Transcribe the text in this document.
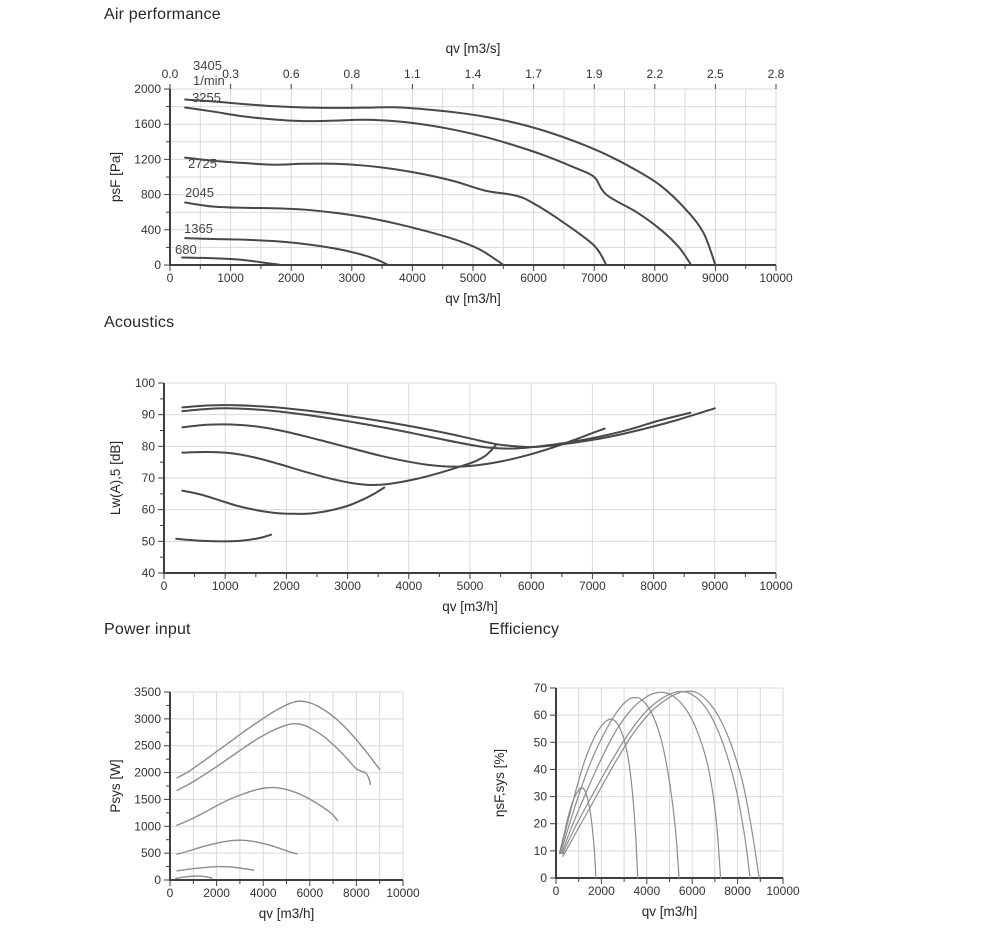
Air performance
0	1000	2000	3000	4000	5000	6000	7000	8000	9000	10000
0
400
800
1200
1600
2000
0.0	0.3	0.6	0.8	1.1	1.4	1.7	1.9	2.2	2.5	2.8
qv [m3/s]
qv [m3/h]
psF [Pa]
3405
1/min
3255
2725
2045
1365
680
Acoustics
0	1000	2000	3000	4000	5000	6000	7000	8000	9000	10000
40
50
60
70
80
90
100
qv [m3/h]
Lw(A),5 [dB]
Power input
0 2000 4000 6000 8000 10000
0
500
1000
1500
2000
2500
3000
3500
qv [m3/h]
Psys [W]
Efficiency
0 2000 4000 6000 8000 10000
0
10
20
30
40
50
60
70
qv [m3/h]
ηsF,sys [%]
